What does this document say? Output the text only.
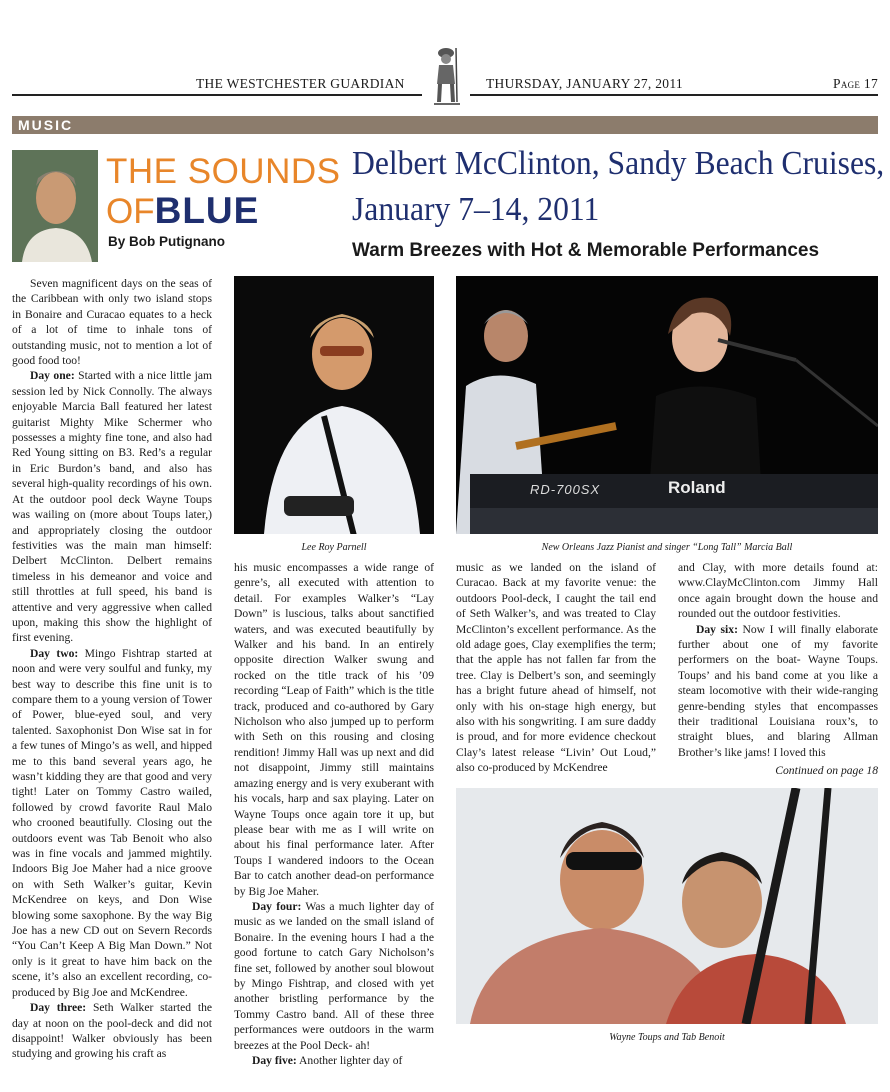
THE WESTCHESTER GUARDIAN	THURSDAY, JANUARY 27, 2011	Page 17
MUSIC
THE SOUNDS
OFBLUE
By Bob Putignano
Delbert McClinton, Sandy Beach Cruises,
January 7–14, 2011
Warm Breezes with Hot & Memorable Performances
Lee Roy Parnell
RD-700SX	Roland
New Orleans Jazz Pianist and singer “Long Tall” Marcia Ball
Wayne Toups and Tab Benoit

Seven magnificent days on the seas of the Caribbean with only two island stops in Bonaire and Curacao equates to a heck of a lot of time to inhale tons of outstanding music, not to mention a lot of good food too!

Day one: Started with a nice little jam session led by Nick Connolly. The always enjoyable Marcia Ball featured her latest guitarist Mighty Mike Schermer who possesses a mighty fine tone, and also had Red Young sitting on B3. Red’s a regular in Eric Burdon’s band, and also has several high-quality recordings of his own. At the outdoor pool deck Wayne Toups was wailing on (more about Toups later,) and appropriately closing the outdoor festivities was the main man himself: Delbert McClinton. Delbert remains timeless in his demeanor and voice and still throttles at full speed, his band is attentive and very aggressive when called upon, making this show the highlight of first evening.

Day two: Mingo Fishtrap started at noon and were very soulful and funky, my best way to describe this fine unit is to compare them to a young version of Tower of Power, blue-eyed soul, and very talented. Saxophonist Don Wise sat in for a few tunes of Mingo’s as well, and hipped me to this band several years ago, he wasn’t kidding they are that good and very tight! Later on Tommy Castro wailed, followed by crowd favorite Raul Malo who crooned beautifully. Closing out the outdoors event was Tab Benoit who also was in fine vocals and jammed mightily. Indoors Big Joe Maher had a nice groove on with Seth Walker’s guitar, Kevin McKendree on keys, and Don Wise blowing some saxophone. By the way Big Joe has a new CD out on Severn Records “You Can’t Keep A Big Man Down.” Not only is it great to have him back on the scene, it’s also an excellent recording, co-produced by Big Joe and McKendree.

Day three: Seth Walker started the day at noon on the pool-deck and did not disappoint! Walker obviously has been studying and growing his craft as

his music encompasses a wide range of genre’s, all executed with attention to detail. For examples Walker’s “Lay Down” is luscious, talks about sanctified waters, and was executed beautifully by Walker and his band. In an entirely opposite direction Walker swung and rocked on the title track of his ’09 recording “Leap of Faith” which is the title track, produced and co-authored by Gary Nicholson who also jumped up to perform with Seth on this rousing and closing rendition! Jimmy Hall was up next and did not disappoint, Jimmy still maintains amazing energy and is very exuberant with his vocals, harp and sax playing. Later on Wayne Toups once again tore it up, but please bear with me as I will write on about his final performance later. After Toups I wandered indoors to the Ocean Bar to catch another dead-on performance by Big Joe Maher.

Day four: Was a much lighter day of music as we landed on the small island of Bonaire. In the evening hours I had a the good fortune to catch Gary Nicholson’s fine set, followed by another soul blowout by Mingo Fishtrap, and closed with yet another bristling performance by the Tommy Castro band. All of these three performances were outdoors in the warm breezes at the Pool Deck- ah!

Day five: Another lighter day of

music as we landed on the island of Curacao. Back at my favorite venue: the outdoors Pool-deck, I caught the tail end of Seth Walker’s, and was treated to Clay McClinton’s excellent performance. As the old adage goes, Clay exemplifies the term; that the apple has not fallen far from the tree. Clay is Delbert’s son, and seemingly has a bright future ahead of himself, not only with his on-stage high energy, but also with his songwriting. I am sure daddy is proud, and for more evidence checkout Clay’s latest release “Livin’ Out Loud,” also co-produced by McKendree

and Clay, with more details found at: www.ClayMcClinton.com Jimmy Hall once again brought down the house and rounded out the outdoor festivities.

Day six: Now I will finally elaborate further about one of my favorite performers on the boat- Wayne Toups. Toups’ and his band come at you like a steam locomotive with their wide-ranging genre-bending styles that encompasses their traditional Louisiana roux’s, to straight blues, and blaring Allman Brother’s like jams! I loved this

Continued on page 18
